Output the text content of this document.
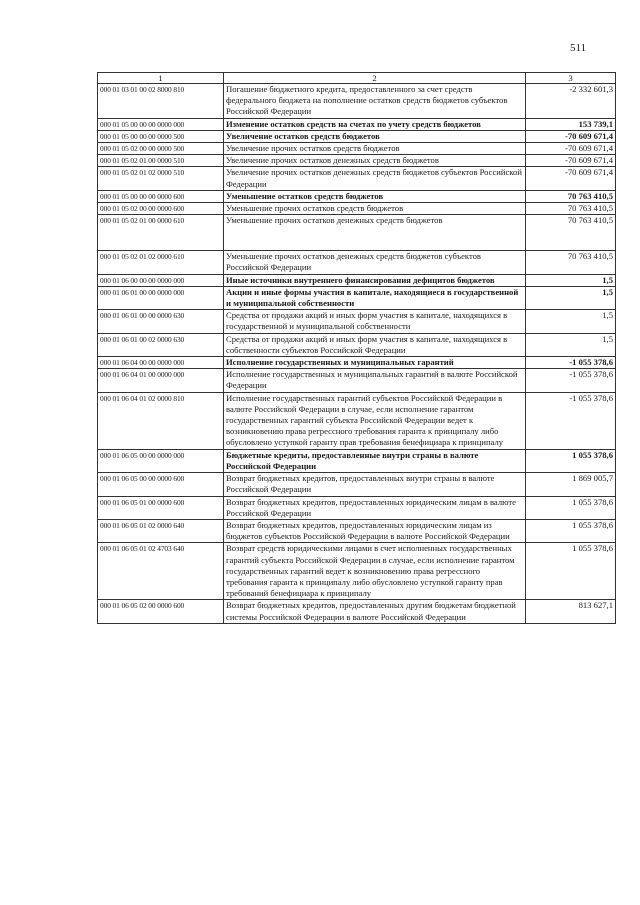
511
1	2	3
000 01 03 01 00 02 8000 810	Погашение бюджетного кредита, предоставленного за счет средств федерального бюджета на пополнение остатков средств бюджетов субъектов Российской Федерации	-2 332 601,3
000 01 05 00 00 00 0000 000	Изменение остатков средств на счетах по учету средств бюджетов	153 739,1
000 01 05 00 00 00 0000 500	Увеличение остатков средств бюджетов	-70 609 671,4
000 01 05 02 00 00 0000 500	Увеличение прочих остатков средств бюджетов	-70 609 671,4
000 01 05 02 01 00 0000 510	Увеличение прочих остатков денежных средств бюджетов	-70 609 671,4
000 01 05 02 01 02 0000 510	Увеличение прочих остатков денежных средств бюджетов субъектов Российской Федерации	-70 609 671,4
000 01 05 00 00 00 0000 600	Уменьшение остатков средств бюджетов	70 763 410,5
000 01 05 02 00 00 0000 600	Уменьшение прочих остатков средств бюджетов	70 763 410,5
000 01 05 02 01 00 0000 610	Уменьшение прочих остатков денежных средств бюджетов	70 763 410,5
000 01 05 02 01 02 0000 610	Уменьшение прочих остатков денежных средств бюджетов субъектов Российской Федерации	70 763 410,5
000 01 06 00 00 00 0000 000	Иные источники внутреннего финансирования дефицитов бюджетов	1,5
000 01 06 01 00 00 0000 000	Акции и иные формы участия в капитале, находящиеся в государственной и муниципальной собственности	1,5
000 01 06 01 00 00 0000 630	Средства от продажи акций и иных форм участия в капитале, находящихся в государственной и муниципальной собственности	1,5
000 01 06 01 00 02 0000 630	Средства от продажи акций и иных форм участия в капитале, находящихся в собственности субъектов Российской Федерации	1,5
000 01 06 04 00 00 0000 000	Исполнение государственных и муниципальных гарантий	-1 055 378,6
000 01 06 04 01 00 0000 000	Исполнение государственных и муниципальных гарантий в валюте Российской Федерации	-1 055 378,6
000 01 06 04 01 02 0000 810	Исполнение государственных гарантий субъектов Российской Федерации в валюте Российской Федерации в случае, если исполнение гарантом государственных гарантий субъекта Российской Федерации ведет к возникновению права регрессного требования гаранта к принципалу либо обусловлено уступкой гаранту прав требования бенефициара к принципалу	-1 055 378,6
000 01 06 05 00 00 0000 000	Бюджетные кредиты, предоставленные внутри страны в валюте Российской Федерации	1 055 378,6
000 01 06 05 00 00 0000 600	Возврат бюджетных кредитов, предоставленных внутри страны в валюте Российской Федерации	1 869 005,7
000 01 06 05 01 00 0000 600	Возврат бюджетных кредитов, предоставленных юридическим лицам в валюте Российской Федерации	1 055 378,6
000 01 06 05 01 02 0000 640	Возврат бюджетных кредитов, предоставленных юридическим лицам из бюджетов субъектов Российской Федерации в валюте Российской Федерации	1 055 378,6
000 01 06 05 01 02 4703 640	Возврат средств юридическими лицами в счет исполненных государственных гарантий субъекта Российской Федерации в случае, если исполнение гарантом государственных гарантий ведет к возникновению права регрессного требования гаранта к принципалу либо обусловлено уступкой гаранту прав требований бенефициара к принципалу	1 055 378,6
000 01 06 05 02 00 0000 600	Возврат бюджетных кредитов, предоставленных другим бюджетам бюджетной системы Российской Федерации в валюте Российской Федерации	813 627,1
